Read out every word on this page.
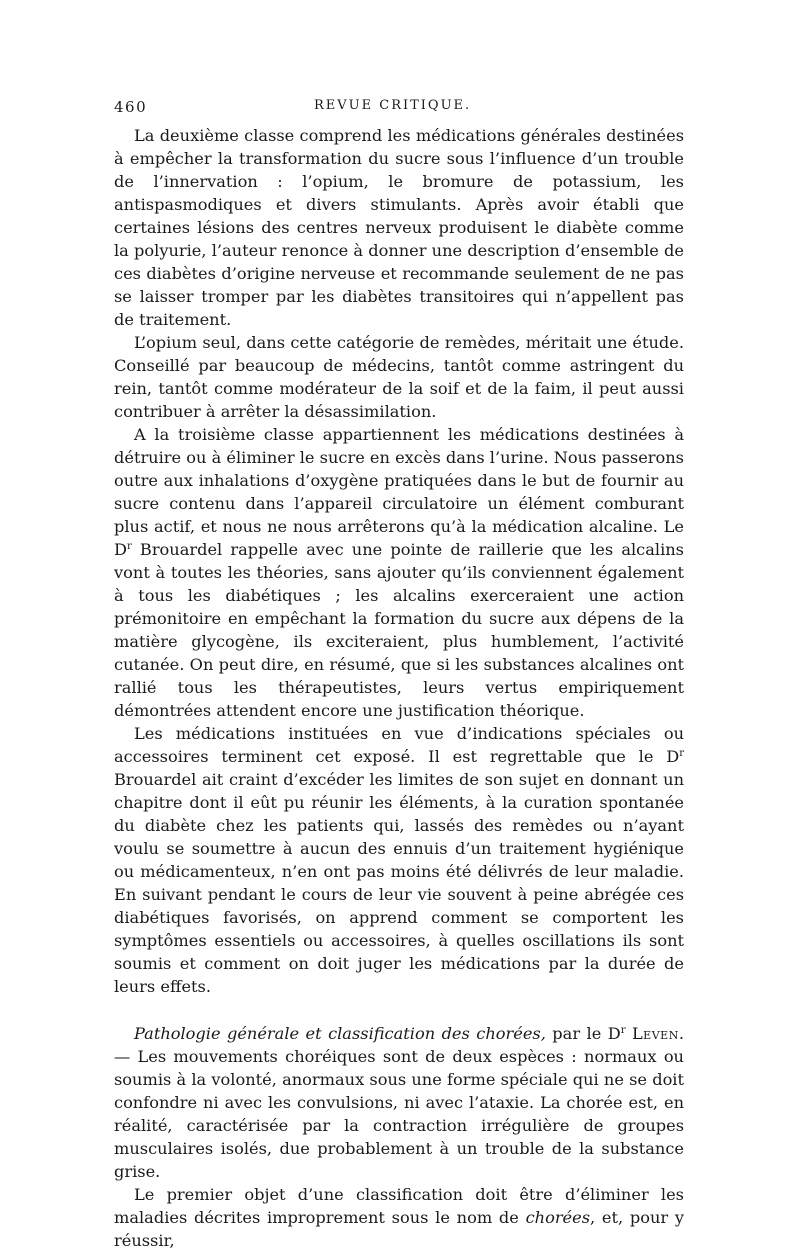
460	REVUE CRITIQUE.

La deuxième classe comprend les médications générales destinées à empêcher la transformation du sucre sous l’influence d’un trouble de l’innervation : l’opium, le bromure de potassium, les antispasmodiques et divers stimulants. Après avoir établi que certaines lésions des centres nerveux produisent le diabète comme la polyurie, l’auteur renonce à donner une description d’ensemble de ces diabètes d’origine nerveuse et recommande seulement de ne pas se laisser tromper par les diabètes transitoires qui n’appellent pas de traitement.

L’opium seul, dans cette catégorie de remèdes, méritait une étude. Conseillé par beaucoup de médecins, tantôt comme astringent du rein, tantôt comme modérateur de la soif et de la faim, il peut aussi contribuer à arrêter la désassimilation.

A la troisième classe appartiennent les médications destinées à détruire ou à éliminer le sucre en excès dans l’urine. Nous passerons outre aux inhalations d’oxygène pratiquées dans le but de fournir au sucre contenu dans l’appareil circulatoire un élément comburant plus actif, et nous ne nous arrêterons qu’à la médication alcaline. Le $D^r$ Brouardel rappelle avec une pointe de raillerie que les alcalins vont à toutes les théories, sans ajouter qu’ils conviennent également à tous les diabétiques ; les alcalins exerceraient une action prémonitoire en empêchant la formation du sucre aux dépens de la matière glycogène, ils exciteraient, plus humblement, l’activité cutanée. On peut dire, en résumé, que si les substances alcalines ont rallié tous les thérapeutistes, leurs vertus empiriquement démontrées attendent encore une justification théorique.

Les médications instituées en vue d’indications spéciales ou accessoires terminent cet exposé. Il est regrettable que le $D^r$ Brouardel ait craint d’excéder les limites de son sujet en donnant un chapitre dont il eût pu réunir les éléments, à la curation spontanée du diabète chez les patients qui, lassés des remèdes ou n’ayant voulu se soumettre à aucun des ennuis d’un traitement hygiénique ou médicamenteux, n’en ont pas moins été délivrés de leur maladie. En suivant pendant le cours de leur vie souvent à peine abrégée ces diabétiques favorisés, on apprend comment se comportent les symptômes essentiels ou accessoires, à quelles oscillations ils sont soumis et comment on doit juger les médications par la durée de leurs effets.

Pathologie générale et classification des chorées, par le $D^r$ Leven. — Les mouvements choréiques sont de deux espèces : normaux ou soumis à la volonté, anormaux sous une forme spéciale qui ne se doit confondre ni avec les convulsions, ni avec l’ataxie. La chorée est, en réalité, caractérisée par la contraction irrégulière de groupes musculaires isolés, due probablement à un trouble de la substance grise.

Le premier objet d’une classification doit être d’éliminer les maladies décrites improprement sous le nom de chorées, et, pour y réussir,
